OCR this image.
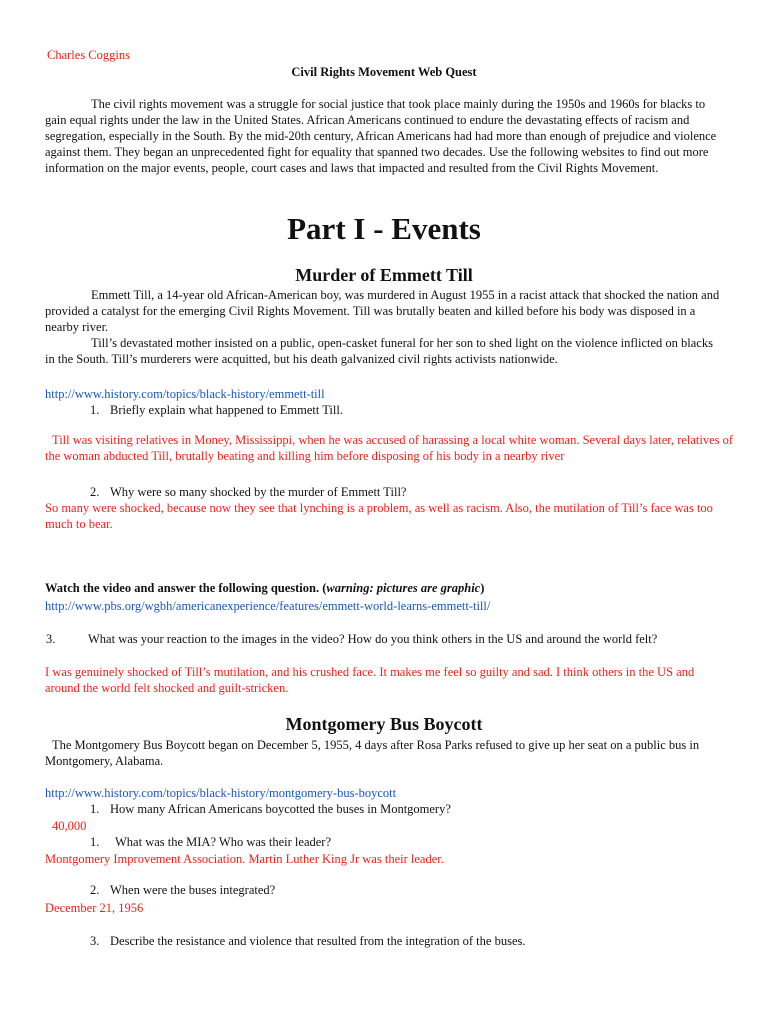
Charles Coggins
Civil Rights Movement Web Quest
The civil rights movement was a struggle for social justice that took place mainly during the 1950s and 1960s for blacks to gain equal rights under the law in the United States. African Americans continued to endure the devastating effects of racism and segregation, especially in the South. By the mid-20th century, African Americans had had more than enough of prejudice and violence against them. They began an unprecedented fight for equality that spanned two decades. Use the following websites to find out more information on the major events, people, court cases and laws that impacted and resulted from the Civil Rights Movement.
Part I - Events
Murder of Emmett Till
Emmett Till, a 14-year old African-American boy, was murdered in August 1955 in a racist attack that shocked the nation and provided a catalyst for the emerging Civil Rights Movement. Till was brutally beaten and killed before his body was disposed in a nearby river.
Till’s devastated mother insisted on a public, open-casket funeral for her son to shed light on the violence inflicted on blacks in the South. Till’s murderers were acquitted, but his death galvanized civil rights activists nationwide.
http://www.history.com/topics/black-history/emmett-till
1. Briefly explain what happened to Emmett Till.
Till was visiting relatives in Money, Mississippi, when he was accused of harassing a local white woman. Several days later, relatives of the woman abducted Till, brutally beating and killing him before disposing of his body in a nearby river
2. Why were so many shocked by the murder of Emmett Till?
So many were shocked, because now they see that lynching is a problem, as well as racism. Also, the mutilation of Till’s face was too much to bear.
Watch the video and answer the following question. (warning: pictures are graphic)
http://www.pbs.org/wgbh/americanexperience/features/emmett-world-learns-emmett-till/
3.	What was your reaction to the images in the video? How do you think others in the US and around the world felt?
I was genuinely shocked of Till’s mutilation, and his crushed face. It makes me feel so guilty and sad. I think others in the US and around the world felt shocked and guilt-stricken.
Montgomery Bus Boycott
The Montgomery Bus Boycott began on December 5, 1955, 4 days after Rosa Parks refused to give up her seat on a public bus in Montgomery, Alabama.
http://www.history.com/topics/black-history/montgomery-bus-boycott
1. How many African Americans boycotted the buses in Montgomery?
40,000
1. What was the MIA? Who was their leader?
Montgomery Improvement Association. Martin Luther King Jr was their leader.
2. When were the buses integrated?
December 21, 1956
3. Describe the resistance and violence that resulted from the integration of the buses.
